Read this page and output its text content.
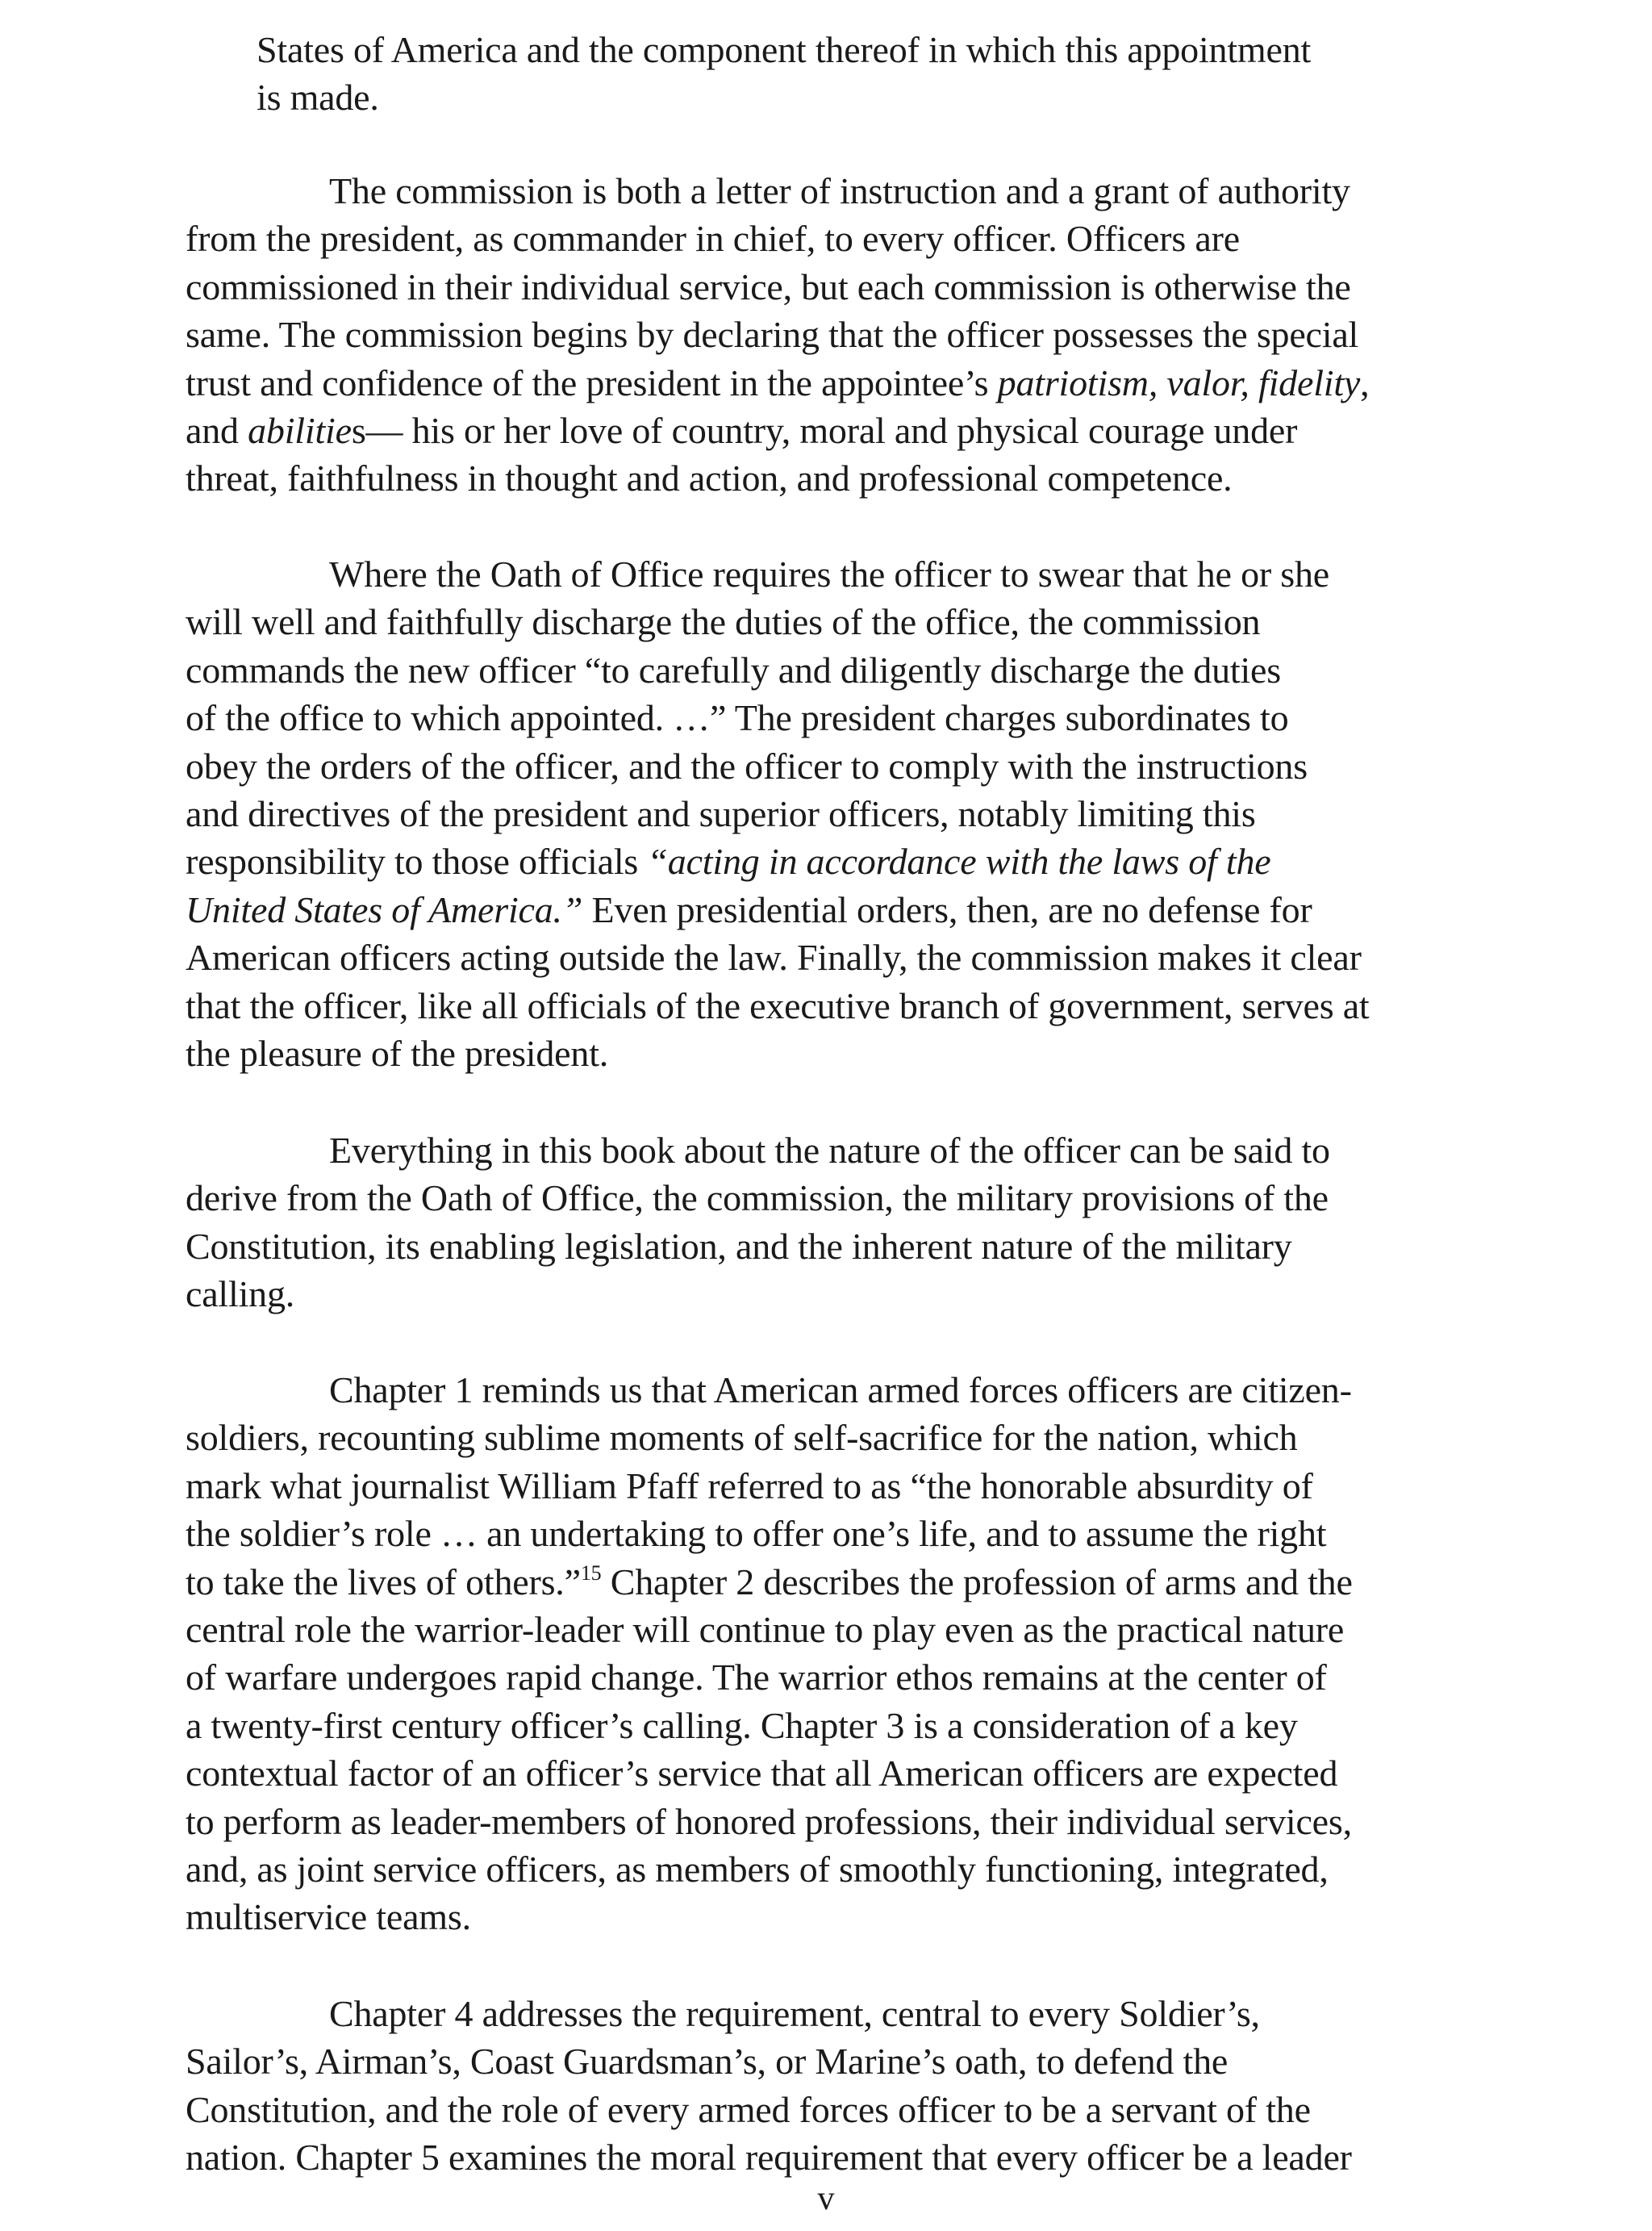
States of America and the component thereof in which this appointment
is made.
The commission is both a letter of instruction and a grant of authority
from the president, as commander in chief, to every officer. Officers are
commissioned in their individual service, but each commission is otherwise the
same. The commission begins by declaring that the officer possesses the special
trust and confidence of the president in the appointee’s patriotism, valor, fidelity,
and abilities— his or her love of country, moral and physical courage under
threat, faithfulness in thought and action, and professional competence.
Where the Oath of Office requires the officer to swear that he or she
will well and faithfully discharge the duties of the office, the commission
commands the new officer “to carefully and diligently discharge the duties
of the office to which appointed. …” The president charges subordinates to
obey the orders of the officer, and the officer to comply with the instructions
and directives of the president and superior officers, notably limiting this
responsibility to those officials “acting in accordance with the laws of the
United States of America.” Even presidential orders, then, are no defense for
American officers acting outside the law. Finally, the commission makes it clear
that the officer, like all officials of the executive branch of government, serves at
the pleasure of the president.
Everything in this book about the nature of the officer can be said to
derive from the Oath of Office, the commission, the military provisions of the
Constitution, its enabling legislation, and the inherent nature of the military
calling.
Chapter 1 reminds us that American armed forces officers are citizen-
soldiers, recounting sublime moments of self-sacrifice for the nation, which
mark what journalist William Pfaff referred to as “the honorable absurdity of
the soldier’s role … an undertaking to offer one’s life, and to assume the right
to take the lives of others.”$^{15}$ Chapter 2 describes the profession of arms and the
central role the warrior-leader will continue to play even as the practical nature
of warfare undergoes rapid change. The warrior ethos remains at the center of
a twenty-first century officer’s calling. Chapter 3 is a consideration of a key
contextual factor of an officer’s service that all American officers are expected
to perform as leader-members of honored professions, their individual services,
and, as joint service officers, as members of smoothly functioning, integrated,
multiservice teams.
Chapter 4 addresses the requirement, central to every Soldier’s,
Sailor’s, Airman’s, Coast Guardsman’s, or Marine’s oath, to defend the
Constitution, and the role of every armed forces officer to be a servant of the
nation. Chapter 5 examines the moral requirement that every officer be a leader
v
